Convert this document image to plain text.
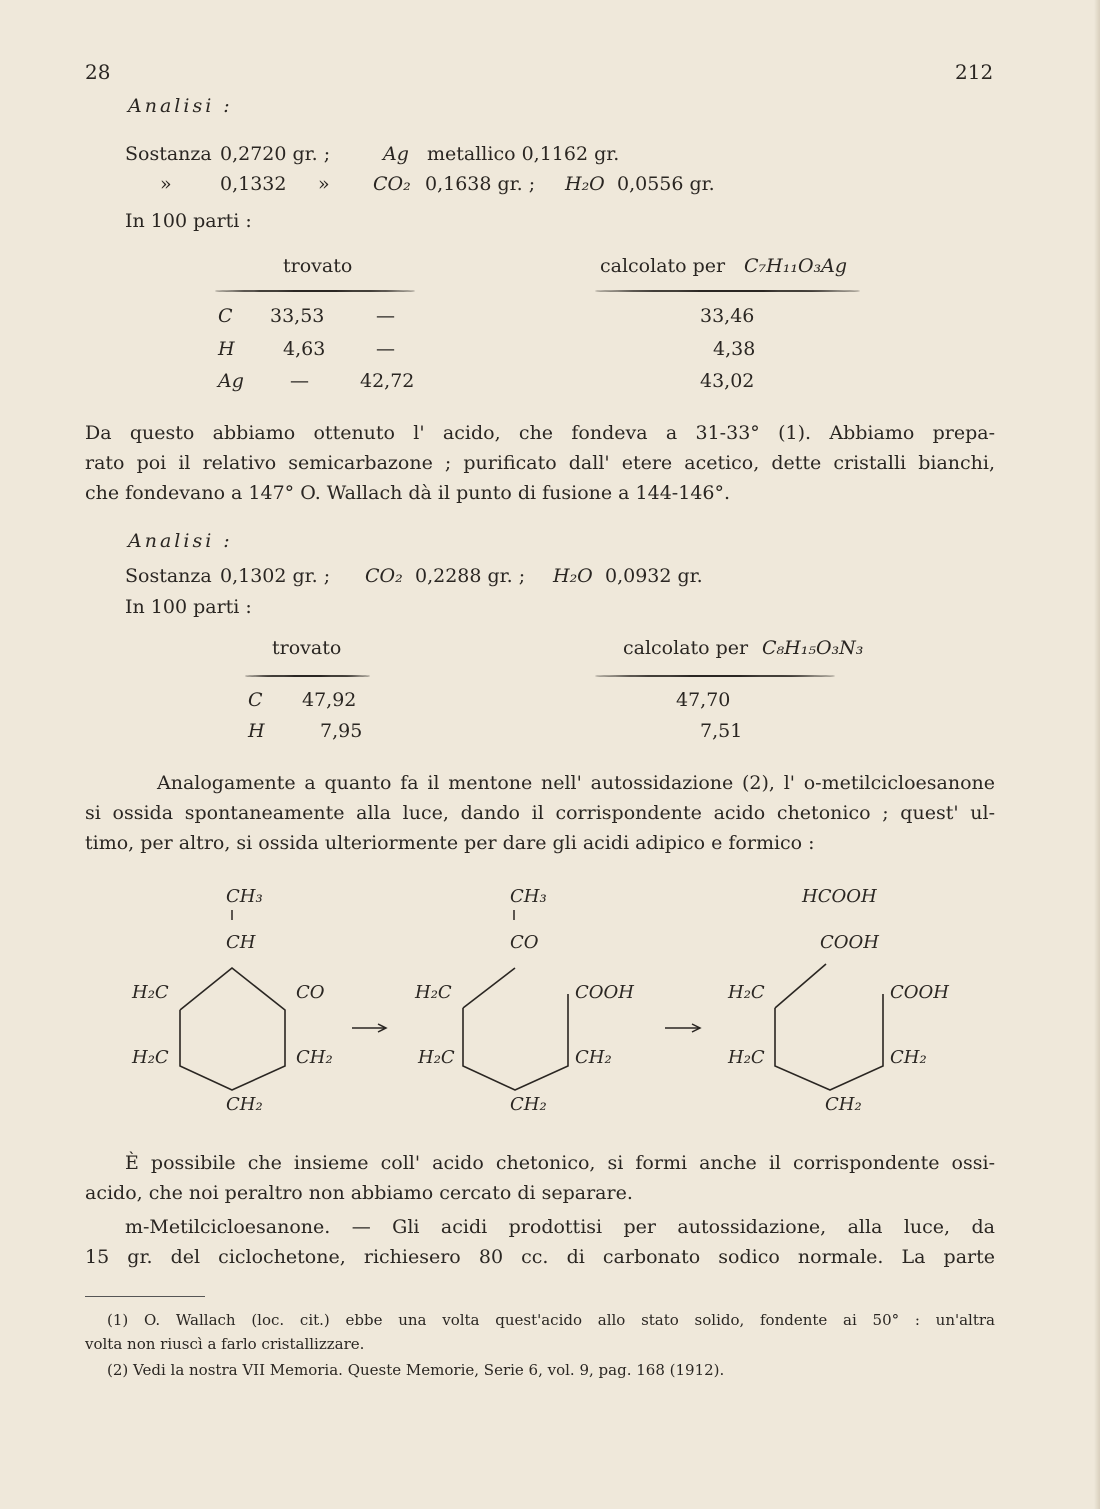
28	212
Analisi :
Sostanza 0,2720 gr. ;	Ag metallico 0,1162 gr.
»	0,1332 » CO₂ 0,1638 gr. ; H₂O 0,0556 gr.
In 100 parti :
trovato	calcolato per C₇H₁₁O₃Ag
C 33,53	—	33,46
H	4,63	—	4,38
Ag —	42,72	43,02
Da questo abbiamo ottenuto l' acido, che fondeva a 31-33° (1). Abbiamo prepa-
rato poi il relativo semicarbazone ; purificato dall' etere acetico, dette cristalli bianchi,
che fondevano a 147° O. Wallach dà il punto di fusione a 144-146°.
Analisi :
Sostanza 0,1302 gr. ; CO₂ 0,2288 gr. ; H₂O 0,0932 gr.
In 100 parti :
trovato	calcolato per C₈H₁₅O₃N₃
C 47,92	47,70
H	7,95	7,51
Analogamente a quanto fa il mentone nell' autossidazione (2), l' o-metilcicloesanone
si ossida spontaneamente alla luce, dando il corrispondente acido chetonico ; quest' ul-
timo, per altro, si ossida ulteriormente per dare gli acidi adipico e formico :
CH₃
CH
H₂C
H₂C
CO
CH₂
CH₂
CH₃
CO
H₂C
H₂C
COOH
CH₂
CH₂
HCOOH
COOH
H₂C
H₂C
COOH
CH₂
CH₂
È possibile che insieme coll' acido chetonico, si formi anche il corrispondente ossi-
acido, che noi peraltro non abbiamo cercato di separare.
m-Metilcicloesanone. — Gli acidi prodottisi per autossidazione, alla luce, da
15 gr. del ciclochetone, richiesero 80 cc. di carbonato sodico normale. La parte
(1) O. Wallach (loc. cit.) ebbe una volta quest'acido allo stato solido, fondente ai 50° : un'altra
volta non riuscì a farlo cristallizzare.
(2) Vedi la nostra VII Memoria. Queste Memorie, Serie 6, vol. 9, pag. 168 (1912).
